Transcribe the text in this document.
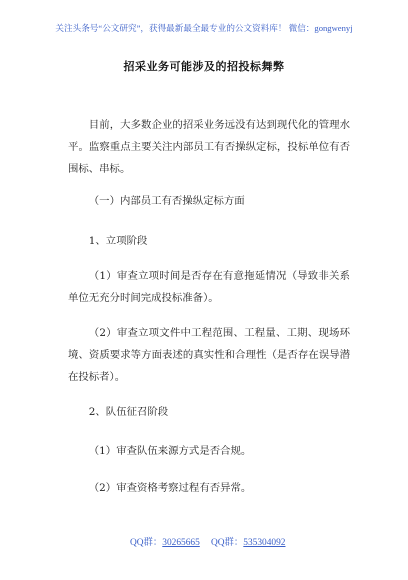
关注头条号“公文研究”，获得最新最全最专业的公文资料库！ 微信：gongwenyj
招采业务可能涉及的招投标舞弊
目前，大多数企业的招采业务远没有达到现代化的管理水平。监察重点主要关注内部员工有否操纵定标，投标单位有否围标、串标。
（一）内部员工有否操纵定标方面
1、立项阶段
（1）审查立项时间是否存在有意拖延情况（导致非关系单位无充分时间完成投标准备）。
（2）审查立项文件中工程范围、工程量、工期、现场环境、资质要求等方面表述的真实性和合理性（是否存在误导潜在投标者）。
2、队伍征召阶段
（1）审查队伍来源方式是否合规。
（2）审查资格考察过程有否异常。
QQ群：30265665 QQ群：535304092
